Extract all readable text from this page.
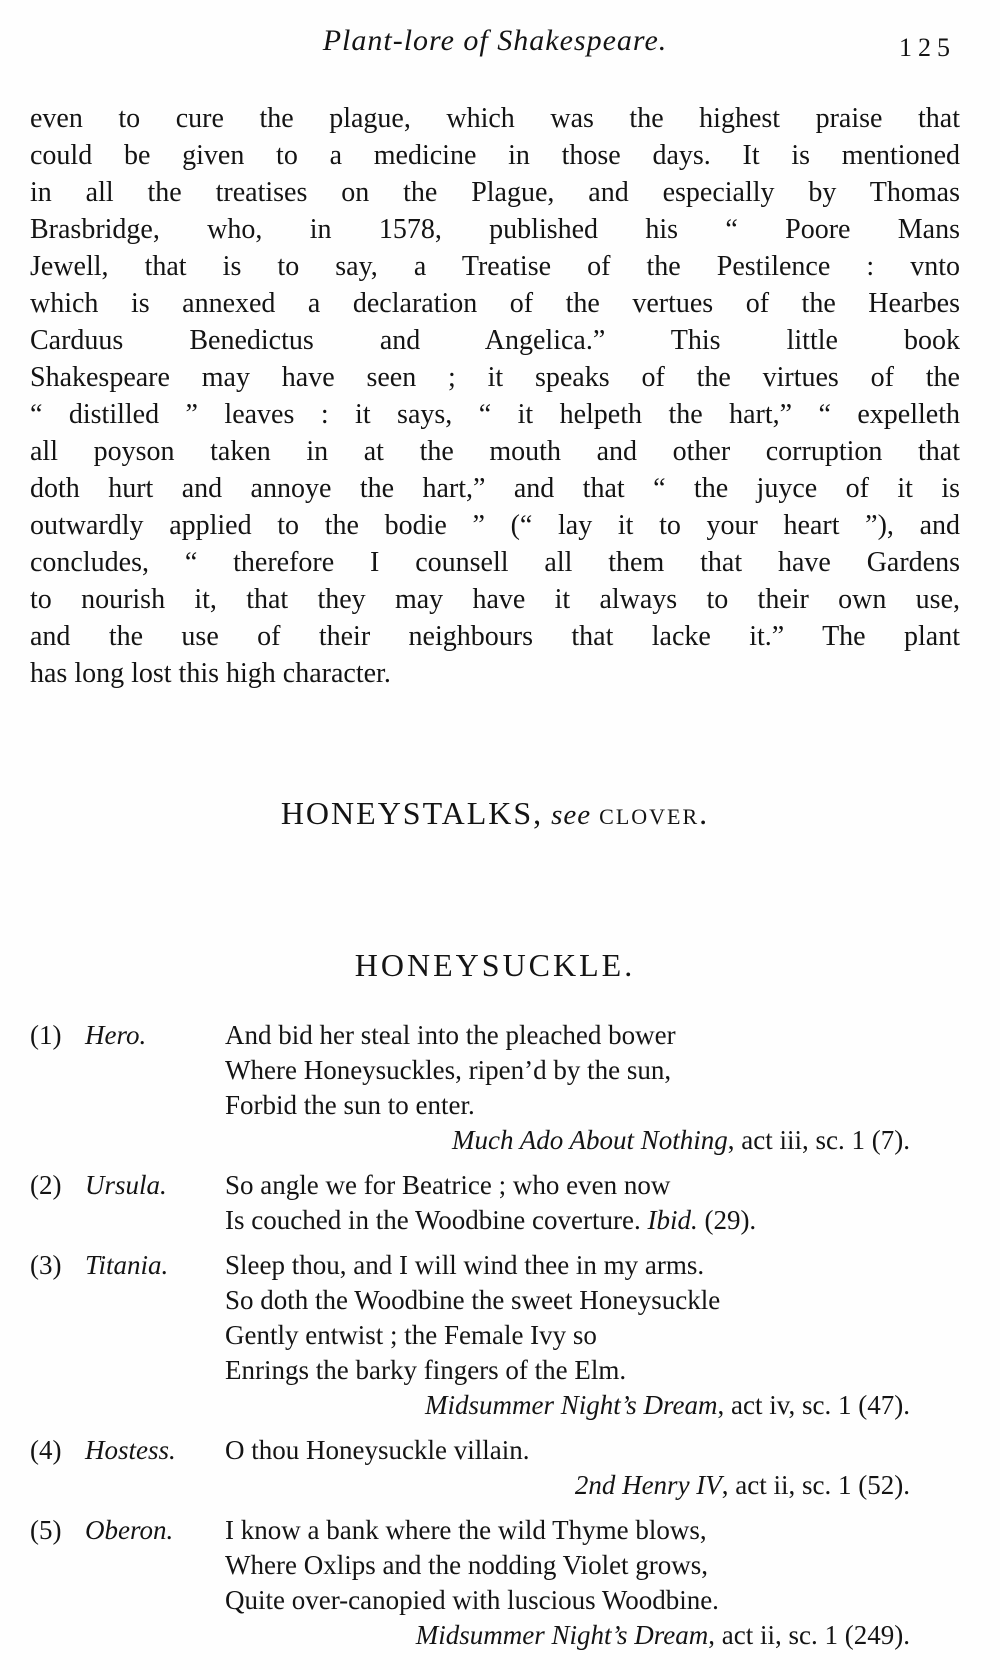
Plant-lore of Shakespeare.	125
even to cure the plague, which was the highest praise that
could be given to a medicine in those days. It is mentioned
in all the treatises on the Plague, and especially by Thomas
Brasbridge, who, in 1578, published his “ Poore Mans
Jewell, that is to say, a Treatise of the Pestilence : vnto
which is annexed a declaration of the vertues of the Hearbes
Carduus Benedictus and Angelica.” This little book
Shakespeare may have seen ; it speaks of the virtues of the
“ distilled ” leaves : it says, “ it helpeth the hart,” “ expelleth
all poyson taken in at the mouth and other corruption that
doth hurt and annoye the hart,” and that “ the juyce of it is
outwardly applied to the bodie ” (“ lay it to your heart ”), and
concludes, “ therefore I counsell all them that have Gardens
to nourish it, that they may have it always to their own use,
and the use of their neighbours that lacke it.” The plant
has long lost this high character.
HONEYSTALKS, see clover.
HONEYSUCKLE.
(1) Hero.	And bid her steal into the pleached bower
Where Honeysuckles, ripen’d by the sun,
Forbid the sun to enter.
Much Ado About Nothing, act iii, sc. 1 (7).
(2) Ursula.	So angle we for Beatrice ; who even now
Is couched in the Woodbine coverture. Ibid. (29).
(3) Titania.	Sleep thou, and I will wind thee in my arms.
So doth the Woodbine the sweet Honeysuckle
Gently entwist ; the Female Ivy so
Enrings the barky fingers of the Elm.
Midsummer Night’s Dream, act iv, sc. 1 (47).
(4) Hostess.	O thou Honeysuckle villain.
2nd Henry IV, act ii, sc. 1 (52).
(5) Oberon.	I know a bank where the wild Thyme blows,
Where Oxlips and the nodding Violet grows,
Quite over-canopied with luscious Woodbine.
Midsummer Night’s Dream, act ii, sc. 1 (249).
